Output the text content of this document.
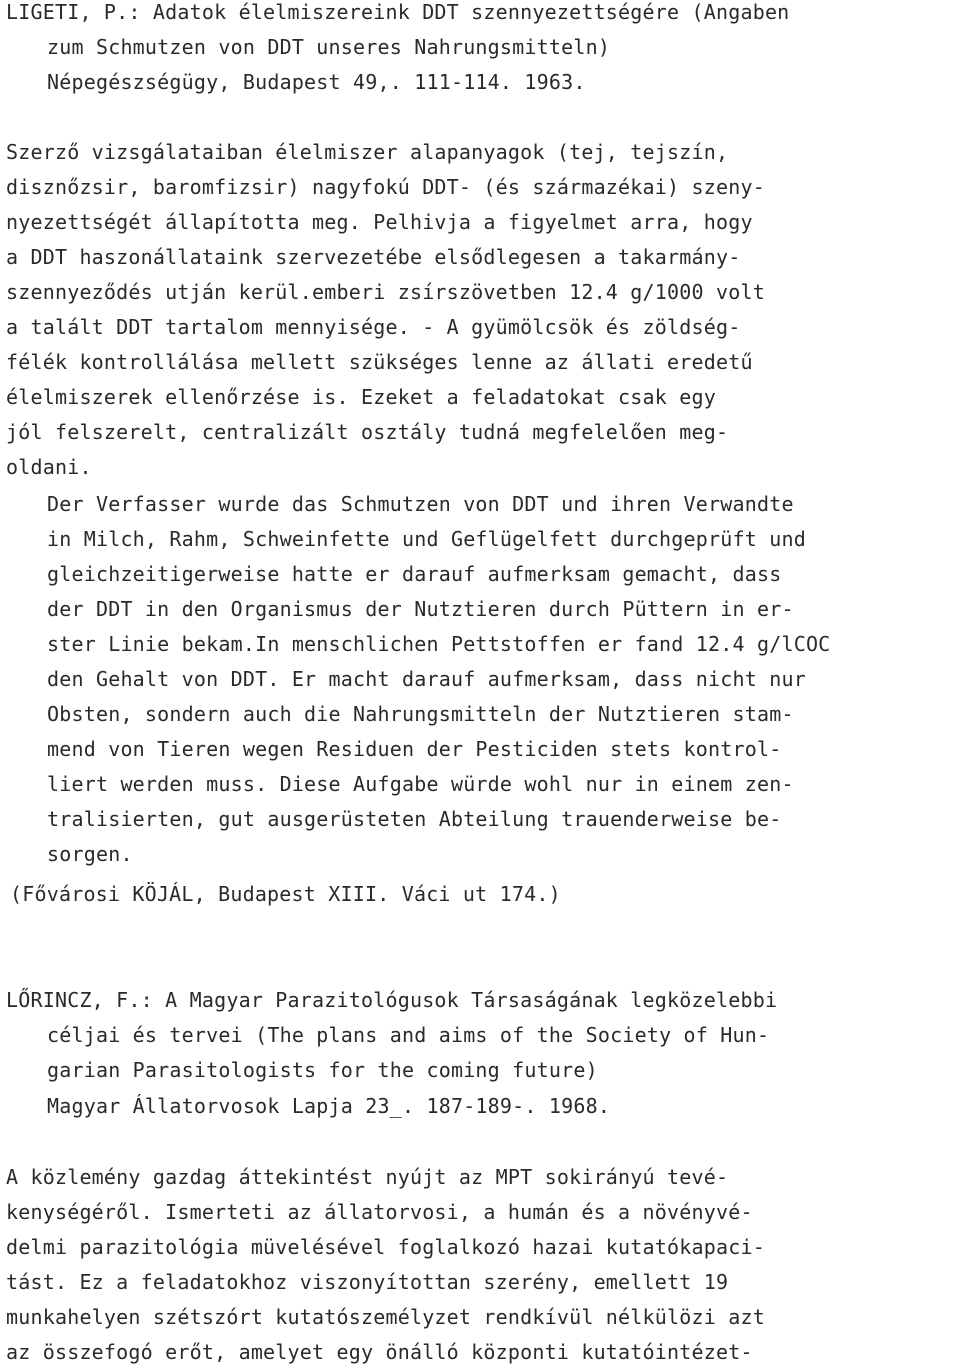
LIGETI, P.: Adatok élelmiszereink DDT szennyezettségére (Angaben

zum Schmutzen von DDT unseres Nahrungsmitteln)

Népegészségügy, Budapest 49,. 111-114. 1963.

Szerző vizsgálataiban élelmiszer alapanyagok (tej, tejszín,

disznőzsir, baromfizsir) nagyfokú DDT- (és származékai) szeny-

nyezettségét állapította meg. Pelhivja a figyelmet arra, hogy

a DDT haszonállataink szervezetébe elsődlegesen a takarmány-

szennyeződés utján kerül.emberi zsírszövetben 12.4 g/1000 volt

a talált DDT tartalom mennyisége. - A gyümölcsök és zöldség-

félék kontrollálása mellett szükséges lenne az állati eredetű

élelmiszerek ellenőrzése is. Ezeket a feladatokat csak egy

jól felszerelt, centralizált osztály tudná megfelelően meg-

oldani.

Der Verfasser wurde das Schmutzen von DDT und ihren Verwandte

in Milch, Rahm, Schweinfette und Geflügelfett durchgeprüft und

gleichzeitigerweise hatte er darauf aufmerksam gemacht, dass

der DDT in den Organismus der Nutztieren durch Püttern in er-

ster Linie bekam.In menschlichen Pettstoffen er fand 12.4 g/lCOC

den Gehalt von DDT. Er macht darauf aufmerksam, dass nicht nur

Obsten, sondern auch die Nahrungsmitteln der Nutztieren stam-

mend von Tieren wegen Residuen der Pesticiden stets kontrol-

liert werden muss. Diese Aufgabe würde wohl nur in einem zen-

tralisierten, gut ausgerüsteten Abteilung trauenderweise be-

sorgen.

(Fővárosi KÖJÁL, Budapest XIII. Váci ut 174.)

LŐRINCZ, F.: A Magyar Parazitológusok Társaságának legközelebbi

céljai és tervei (The plans and aims of the Society of Hun-

garian Parasitologists for the coming future)

Magyar Állatorvosok Lapja 23_. 187-189-. 1968.

A közlemény gazdag áttekintést nyújt az MPT sokirányú tevé-

kenységéről. Ismerteti az állatorvosi, a humán és a növényvé-

delmi parazitológia müvelésével foglalkozó hazai kutatókapaci-

tást. Ez a feladatokhoz viszonyítottan szerény, emellett 19

munkahelyen szétszórt kutatószemélyzet rendkívül nélkülözi azt

az összefogó erőt, amelyet egy önálló központi kutatóintézet-
